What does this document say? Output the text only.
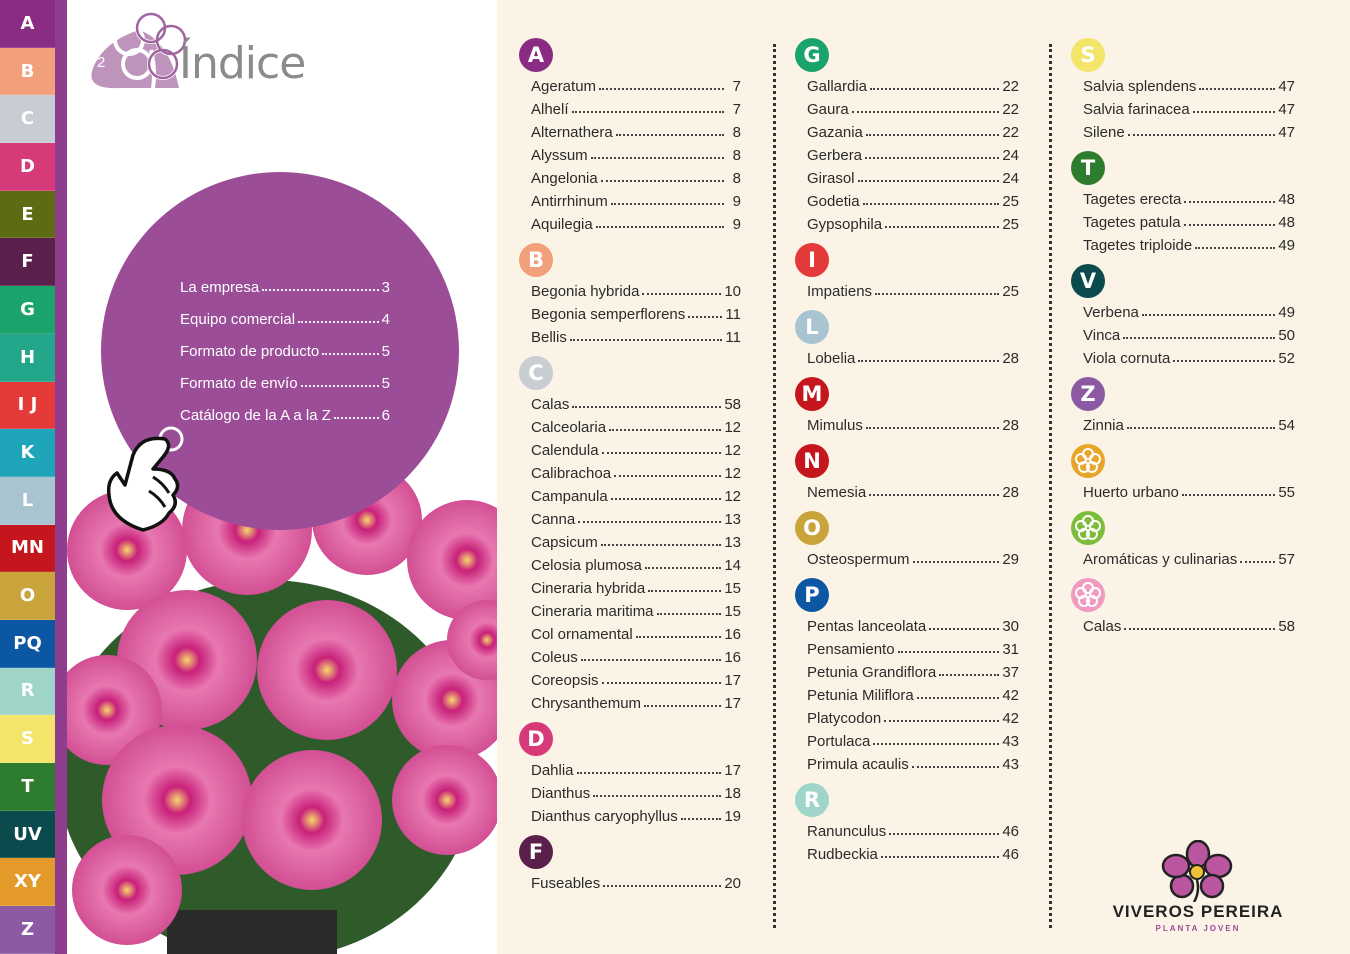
A
B
C
D
E
F
G
H
I J
K
L
MN
O
PQ
R
S
T
UV
XY
Z
2 Índice
La empresa	3
Equipo comercial	4
Formato de producto	5
Formato de envío	5
Catálogo de la A a la Z	6
A
Ageratum	7
Alhelí	7
Alternathera	8
Alyssum	8
Angelonia	8
Antirrhinum	9
Aquilegia	9
B
Begonia hybrida	10
Begonia semperflorens	11
Bellis	11
C
Calas	58
Calceolaria	12
Calendula	12
Calibrachoa	12
Campanula	12
Canna	13
Capsicum	13
Celosia plumosa	14
Cineraria hybrida	15
Cineraria maritima	15
Col ornamental	16
Coleus	16
Coreopsis	17
Chrysanthemum	17
D
Dahlia	17
Dianthus	18
Dianthus caryophyllus	19
F
Fuseables	20
G
Gallardia	22
Gaura	22
Gazania	22
Gerbera	24
Girasol	24
Godetia	25
Gypsophila	25
I
Impatiens	25
L
Lobelia	28
M
Mimulus	28
N
Nemesia	28
O
Osteospermum	29
P
Pentas lanceolata	30
Pensamiento	31
Petunia Grandiflora	37
Petunia Miliflora	42
Platycodon	42
Portulaca	43
Primula acaulis	43
R
Ranunculus	46
Rudbeckia	46
S
Salvia splendens	47
Salvia farinacea	47
Silene	47
T
Tagetes erecta	48
Tagetes patula	48
Tagetes triploide	49
V
Verbena	49
Vinca	50
Viola cornuta	52
Z
Zinnia	54
Huerto urbano	55
Aromáticas y culinarias	57
Calas	58
VIVEROS PEREIRA
PLANTA JOVEN
